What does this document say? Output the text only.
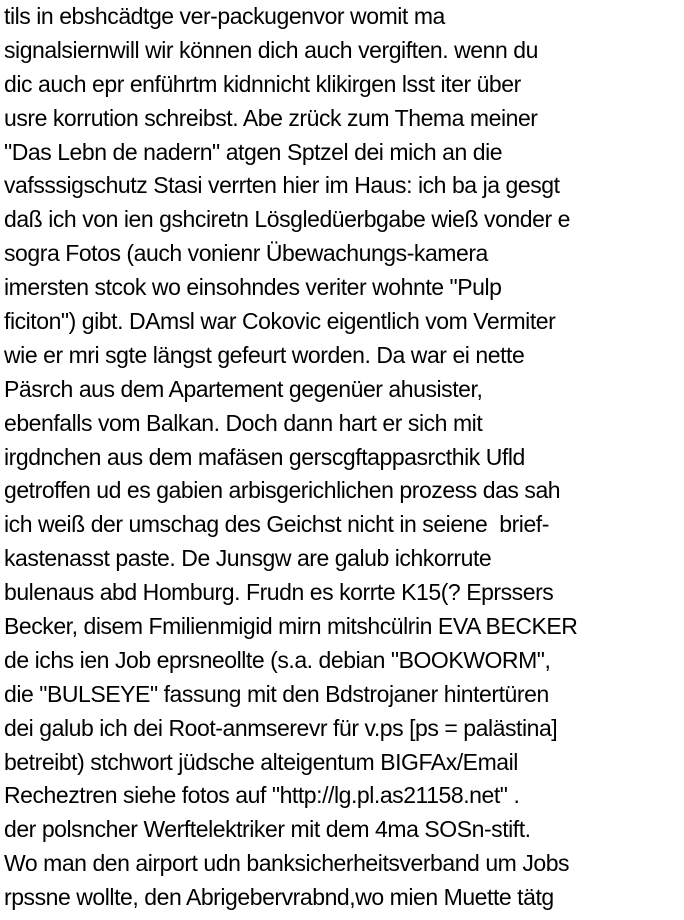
tils in ebshcädtge ver-packugenvor womit ma
signalsiernwill wir können dich auch vergiften. wenn du
dic auch epr enführtm kidnnicht klikirgen lsst iter über
usre korrution schreibst. Abe zrück zum Thema meiner
"Das Lebn de nadern" atgen Sptzel dei mich an die
vafsssigschutz Stasi verrten hier im Haus: ich ba ja gesgt
daß ich von ien gshciretn Lösgledüerbgabe wieß vonder e
sogra Fotos (auch vonienr Übewachungs-kamera
imersten stcok wo einsohndes veriter wohnte "Pulp
ficiton") gibt. DAmsl war Cokovic eigentlich vom Vermiter
wie er mri sgte längst gefeurt worden. Da war ei nette
Päsrch aus dem Apartement gegenüer ahusister,
ebenfalls vom Balkan. Doch dann hart er sich mit
irgdnchen aus dem mafäsen gerscgftappasrcthik Ufld
getroffen ud es gabien arbisgerichlichen prozess das sah
ich weiß der umschag des Geichst nicht in seiene  brief-
kastenasst paste. De Junsgw are galub ichkorrute
bulenaus abd Homburg. Frudn es korrte K15(? Eprssers
Becker, disem Fmilienmigid mirn mitshcülrin EVA BECKER
de ichs ien Job eprsneollte (s.a. debian "BOOKWORM",
die "BULSEYE" fassung mit den Bdstrojaner hintertüren
dei galub ich dei Root-anmserevr für v.ps [ps = palästina]
betreibt) stchwort jüdsche alteigentum BIGFAx/Email
Recheztren siehe fotos auf "http://lg.pl.as21158.net" .
der polsncher Werftelektriker mit dem 4ma SOSn-stift.
Wo man den airport udn banksicherheitsverband um Jobs
rpssne wollte, den Abrigebervrabnd,wo mien Muette tätg
